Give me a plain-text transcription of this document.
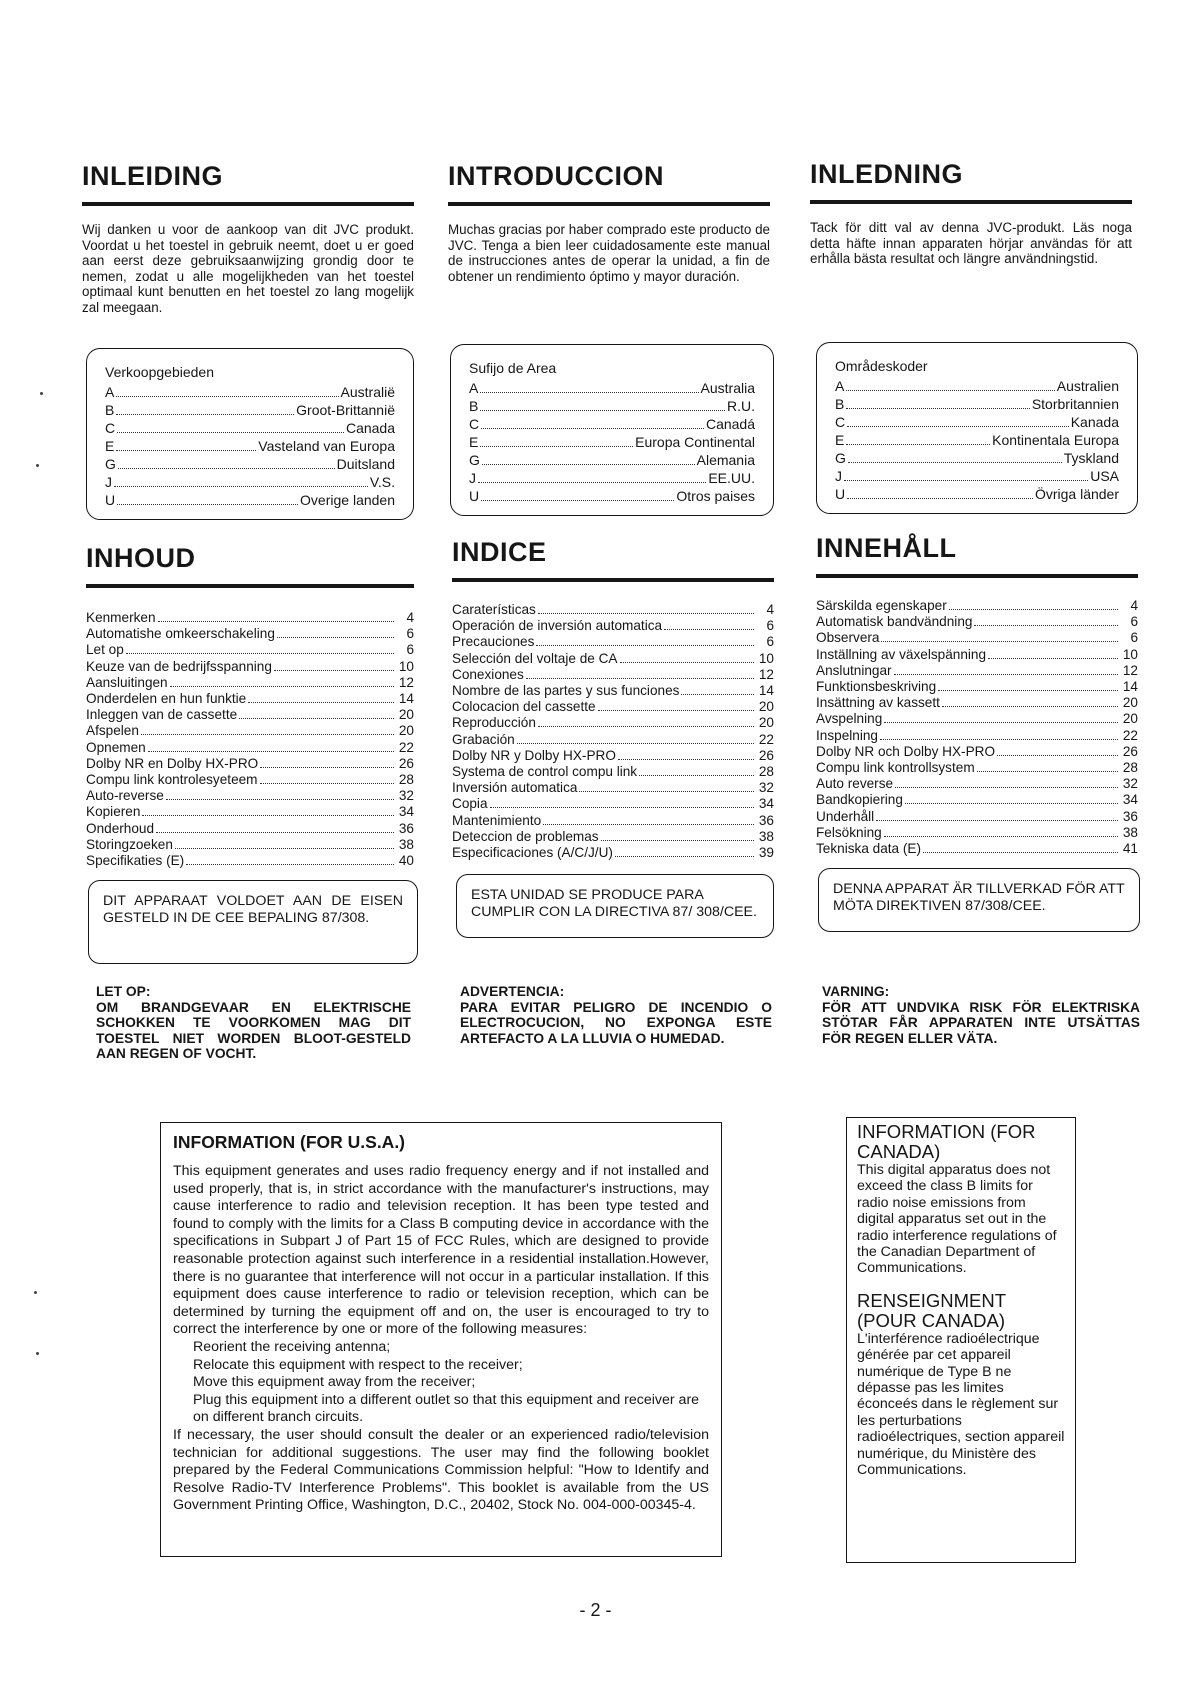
INLEIDING
Wij danken u voor de aankoop van dit JVC produkt. Voordat u het toestel in gebruik neemt, doet u er goed aan eerst deze gebruiksaanwijzing grondig door te nemen, zodat u alle mogelijkheden van het toestel optimaal kunt benutten en het toestel zo lang mogelijk zal meegaan.
Verkoopgebieden
A	Australië
B	Groot-Brittannië
C	Canada
E	Vasteland van Europa
G	Duitsland
J	V.S.
U	Overige landen
INHOUD
Kenmerken	4
Automatishe omkeerschakeling	6
Let op	6
Keuze van de bedrijfsspanning	10
Aansluitingen	12
Onderdelen en hun funktie	14
Inleggen van de cassette	20
Afspelen	20
Opnemen	22
Dolby NR en Dolby HX-PRO	26
Compu link kontrolesyeteem	28
Auto-reverse	32
Kopieren	34
Onderhoud	36
Storingzoeken	38
Specifikaties (E)	40
DIT APPARAAT VOLDOET AAN DE EISEN GESTELD IN DE CEE BEPALING 87/308.
LET OP:
OM BRANDGEVAAR EN ELEKTRISCHE SCHOKKEN TE VOORKOMEN MAG DIT TOESTEL NIET WORDEN BLOOT-GESTELD AAN REGEN OF VOCHT.
INTRODUCCION
Muchas gracias por haber comprado este producto de JVC. Tenga a bien leer cuidadosamente este manual de instrucciones antes de operar la unidad, a fin de obtener un rendimiento óptimo y mayor duración.
Sufijo de Area
A	Australia
B	R.U.
C	Canadá
E	Europa Continental
G	Alemania
J	EE.UU.
U	Otros paises
INDICE
Caraterísticas	4
Operación de inversión automatica	6
Precauciones	6
Selección del voltaje de CA	10
Conexiones	12
Nombre de las partes y sus funciones	14
Colocacion del cassette	20
Reproducción	20
Grabación	22
Dolby NR y Dolby HX-PRO	26
Systema de control compu link	28
Inversión automatica	32
Copia	34
Mantenimiento	36
Deteccion de problemas	38
Especificaciones (A/C/J/U)	39
ESTA UNIDAD SE PRODUCE PARA CUMPLIR CON LA DIRECTIVA 87/ 308/CEE.
ADVERTENCIA:
PARA EVITAR PELIGRO DE INCENDIO O ELECTROCUCION, NO EXPONGA ESTE ARTEFACTO A LA LLUVIA O HUMEDAD.
INLEDNING
Tack för ditt val av denna JVC-produkt. Läs noga detta häfte innan apparaten hörjar användas för att erhålla bästa resultat och längre användningstid.
Områdeskoder
A	Australien
B	Storbritannien
C	Kanada
E	Kontinentala Europa
G	Tyskland
J	USA
U	Övriga länder
INNEHÅLL
Särskilda egenskaper	4
Automatisk bandvändning	6
Observera	6
Inställning av växelspänning	10
Anslutningar	12
Funktionsbeskriving	14
Insättning av kassett	20
Avspelning	20
Inspelning	22
Dolby NR och Dolby HX-PRO	26
Compu link kontrollsystem	28
Auto reverse	32
Bandkopiering	34
Underhåll	36
Felsökning	38
Tekniska data (E)	41
DENNA APPARAT ÄR TILLVERKAD FÖR ATT MÖTA DIREKTIVEN 87/308/CEE.
VARNING:
FÖR ATT UNDVIKA RISK FÖR ELEKTRISKA STÖTAR FÅR APPARATEN INTE UTSÄTTAS FÖR REGEN ELLER VÄTA.
INFORMATION (FOR U.S.A.)

This equipment generates and uses radio frequency energy and if not installed and used properly, that is, in strict accordance with the manufacturer's instructions, may cause interference to radio and television reception. It has been type tested and found to comply with the limits for a Class B computing device in accordance with the specifications in Subpart J of Part 15 of FCC Rules, which are designed to provide reasonable protection against such interference in a residential installation.However, there is no guarantee that interference will not occur in a particular installation. If this equipment does cause interference to radio or television reception, which can be determined by turning the equipment off and on, the user is encouraged to try to correct the interference by one or more of the following measures:

Reorient the receiving antenna;
Relocate this equipment with respect to the receiver;
Move this equipment away from the receiver;
Plug this equipment into a different outlet so that this equipment and receiver are on different branch circuits.

If necessary, the user should consult the dealer or an experienced radio/television technician for additional suggestions. The user may find the following booklet prepared by the Federal Communications Commission helpful: "How to Identify and Resolve Radio-TV Interference Problems". This booklet is available from the US Government Printing Office, Washington, D.C., 20402, Stock No. 004-000-00345-4.

INFORMATION (FOR CANADA)

This digital apparatus does not exceed the class B limits for radio noise emissions from digital apparatus set out in the radio interference regulations of the Canadian Department of Communications.

RENSEIGNMENT (POUR CANADA)

L'interférence radioélectrique générée par cet appareil numérique de Type B ne dépasse pas les limites éconceés dans le règlement sur les perturbations radioélectriques, section appareil numérique, du Ministère des Communications.

- 2 -
